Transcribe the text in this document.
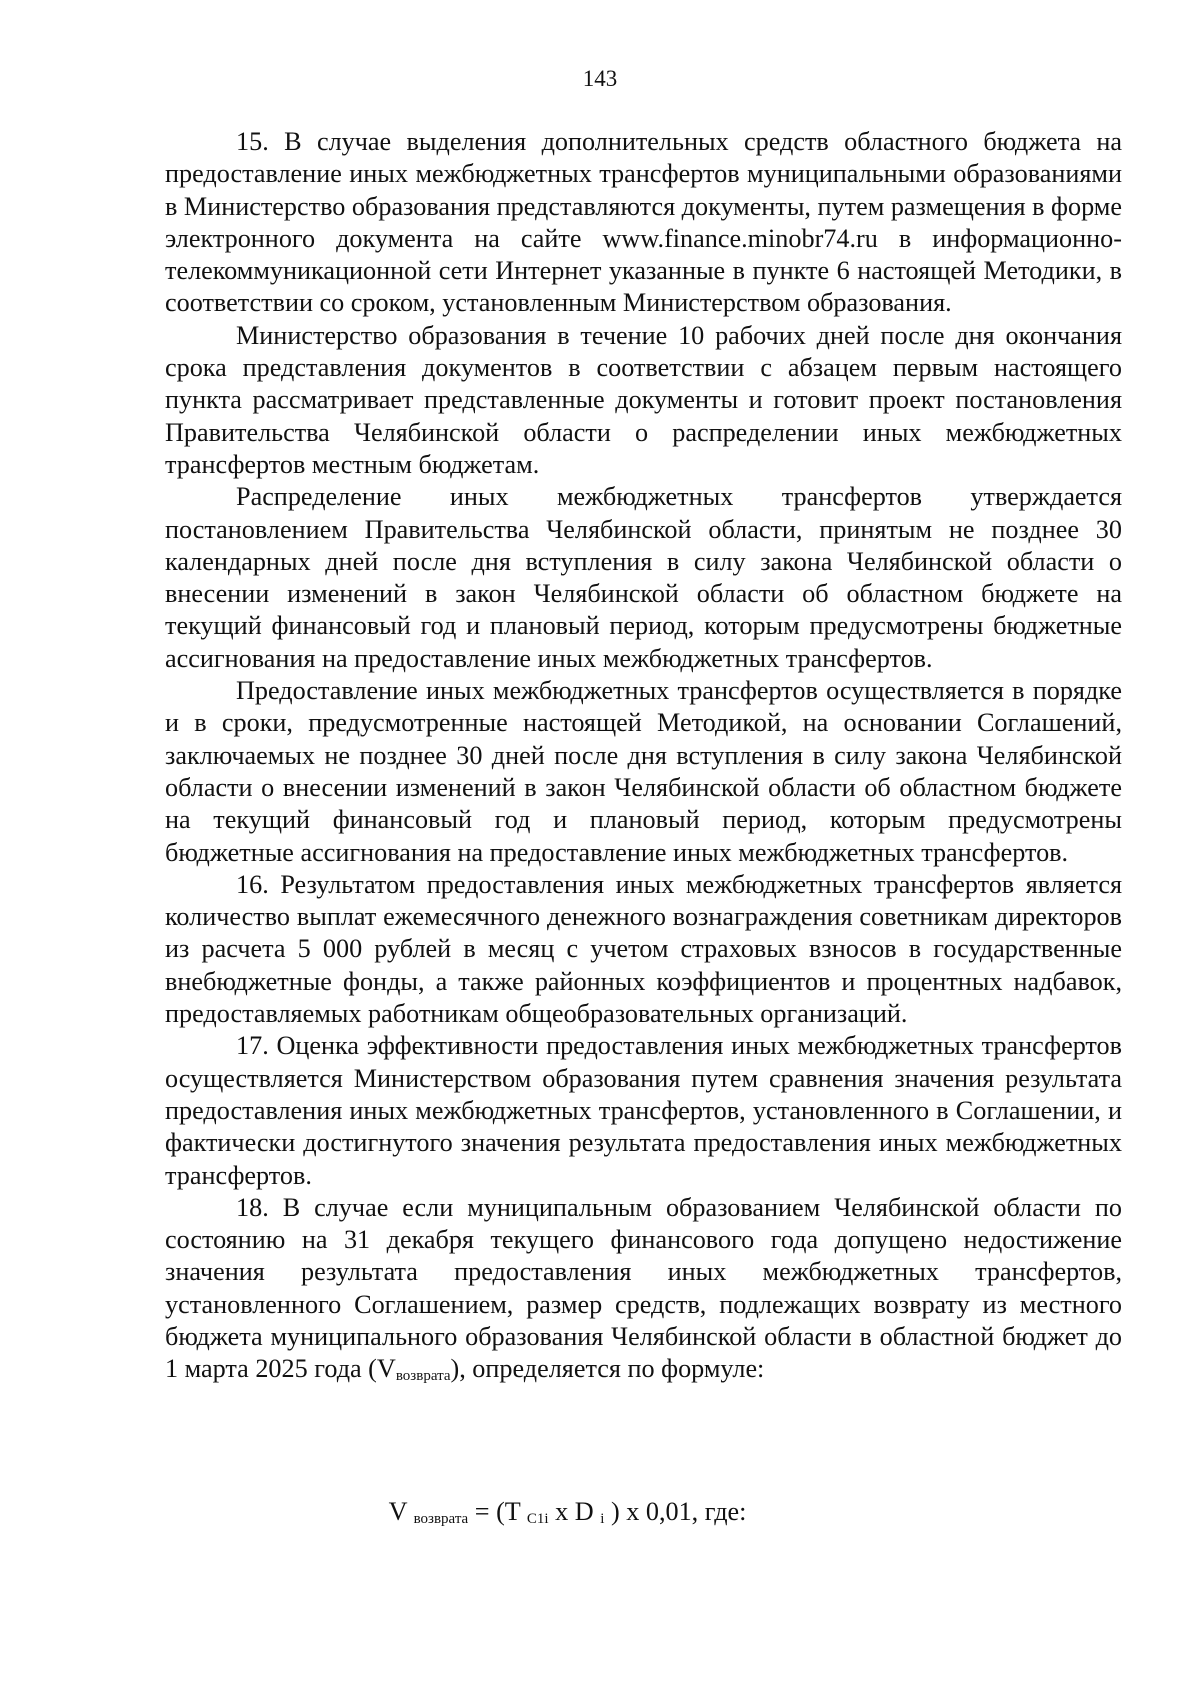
143

15. В случае выделения дополнительных средств областного бюджета на предоставление иных межбюджетных трансфертов муниципальными образованиями в Министерство образования представляются документы, путем размещения в форме электронного документа на сайте www.finance.minobr74.ru в информационно-телекоммуникационной сети Интернет указанные в пункте 6 настоящей Методики, в соответствии со сроком, установленным Министерством образования.

Министерство образования в течение 10 рабочих дней после дня окончания срока представления документов в соответствии с абзацем первым настоящего пункта рассматривает представленные документы и готовит проект постановления Правительства Челябинской области о распределении иных межбюджетных трансфертов местным бюджетам.

Распределение иных межбюджетных трансфертов утверждается постановлением Правительства Челябинской области, принятым не позднее 30 календарных дней после дня вступления в силу закона Челябинской области о внесении изменений в закон Челябинской области об областном бюджете на текущий финансовый год и плановый период, которым предусмотрены бюджетные ассигнования на предоставление иных межбюджетных трансфертов.

Предоставление иных межбюджетных трансфертов осуществляется в порядке и в сроки, предусмотренные настоящей Методикой, на основании Соглашений, заключаемых не позднее 30 дней после дня вступления в силу закона Челябинской области о внесении изменений в закон Челябинской области об областном бюджете на текущий финансовый год и плановый период, которым предусмотрены бюджетные ассигнования на предоставление иных межбюджетных трансфертов.

16. Результатом предоставления иных межбюджетных трансфертов является количество выплат ежемесячного денежного вознаграждения советникам директоров из расчета 5 000 рублей в месяц с учетом страховых взносов в государственные внебюджетные фонды, а также районных коэффициентов и процентных надбавок, предоставляемых работникам общеобразовательных организаций.

17. Оценка эффективности предоставления иных межбюджетных трансфертов осуществляется Министерством образования путем сравнения значения результата предоставления иных межбюджетных трансфертов, установленного в Соглашении, и фактически достигнутого значения результата предоставления иных межбюджетных трансфертов.

18. В случае если муниципальным образованием Челябинской области по состоянию на 31 декабря текущего финансового года допущено недостижение значения результата предоставления иных межбюджетных трансфертов, установленного Соглашением, размер средств, подлежащих возврату из местного бюджета муниципального образования Челябинской области в областной бюджет до 1 марта 2025 года (Vвозврата), определяется по формуле:

V возврата = (T C1i x D i ) x 0,01, где:
